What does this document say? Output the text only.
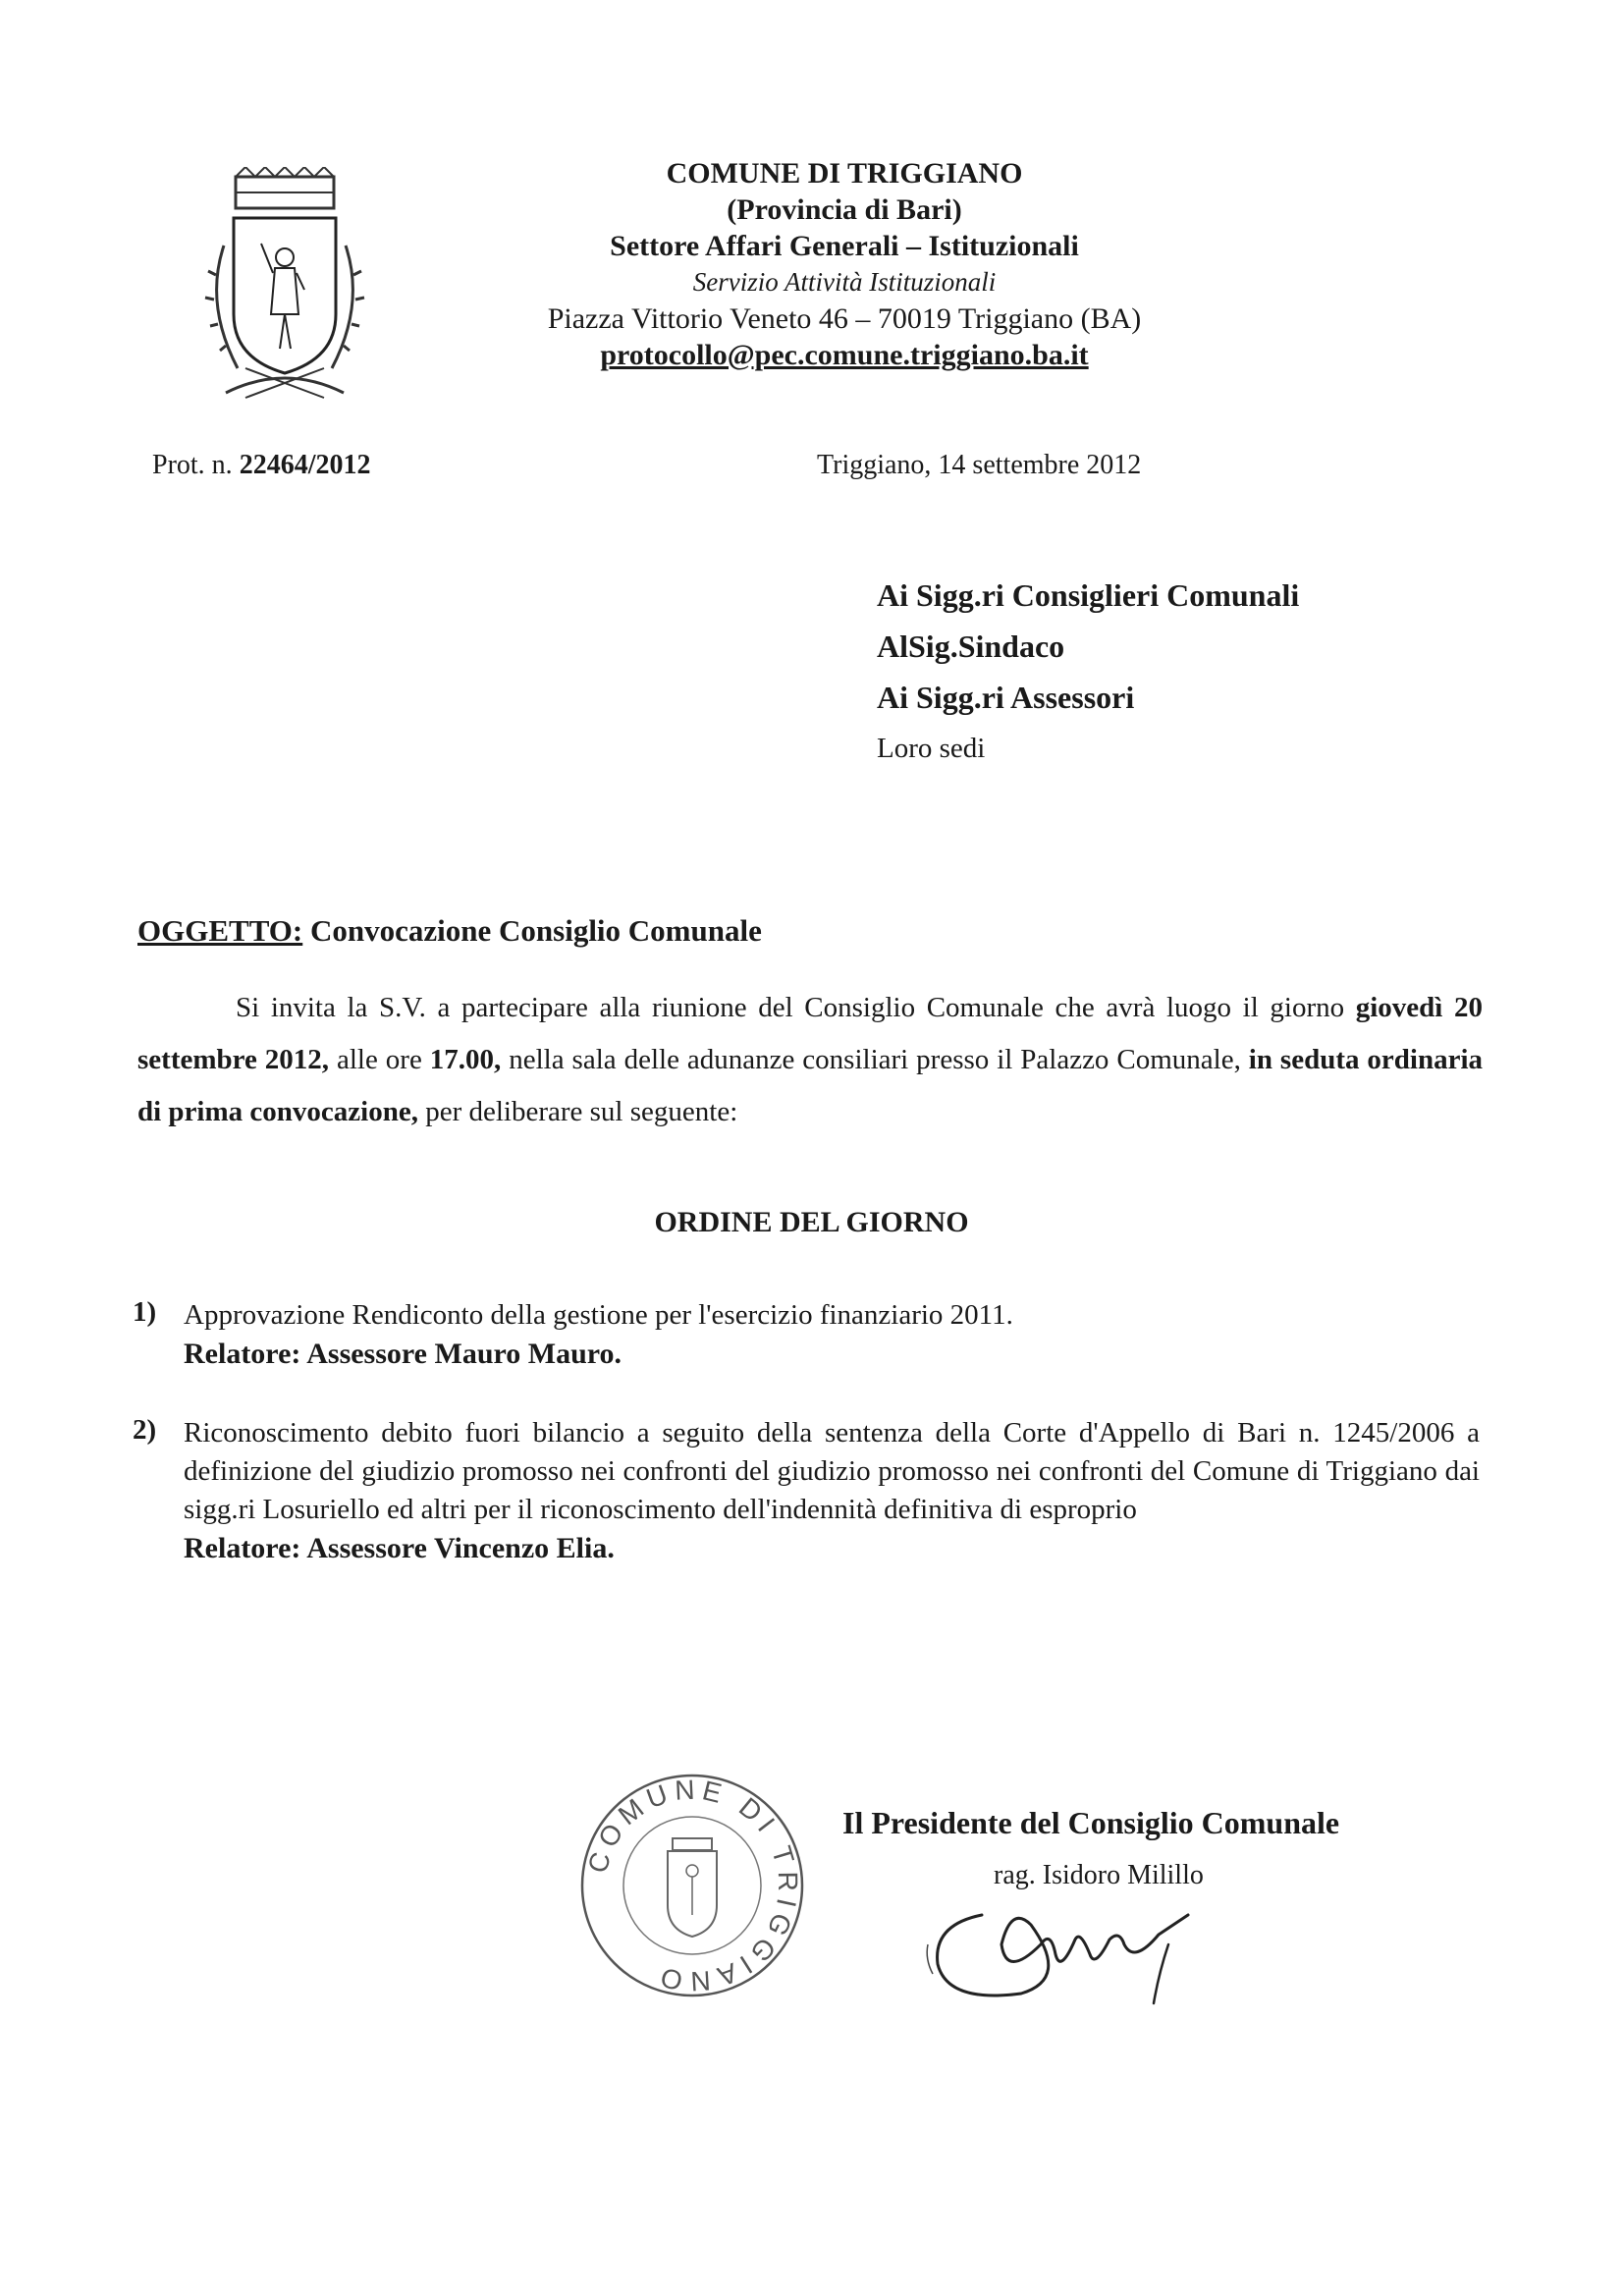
COMUNE DI TRIGGIANO
(Provincia di Bari)
Settore Affari Generali – Istituzionali
Servizio Attività Istituzionali
Piazza Vittorio Veneto 46 – 70019 Triggiano (BA)
protocollo@pec.comune.triggiano.ba.it
Prot. n. 22464/2012	Triggiano, 14 settembre 2012
Ai Sigg.ri Consiglieri Comunali
AlSig.Sindaco
Ai Sigg.ri Assessori
Loro sedi
OGGETTO: Convocazione Consiglio Comunale
Si invita la S.V. a partecipare alla riunione del Consiglio Comunale che avrà luogo il giorno giovedì 20 settembre 2012, alle ore 17.00, nella sala delle adunanze consiliari presso il Palazzo Comunale, in seduta ordinaria di prima convocazione, per deliberare sul seguente:
ORDINE DEL GIORNO
1) Approvazione Rendiconto della gestione per l'esercizio finanziario 2011.
Relatore: Assessore Mauro Mauro.
2) Riconoscimento debito fuori bilancio a seguito della sentenza della Corte d'Appello di Bari n. 1245/2006 a definizione del giudizio promosso nei confronti del giudizio promosso nei confronti del Comune di Triggiano dai sigg.ri Losuriello ed altri per il riconoscimento dell'indennità definitiva di esproprio
Relatore: Assessore Vincenzo Elia.
COMUNE DI TRIGGIANO
Il Presidente del Consiglio Comunale
rag. Isidoro Milillo
